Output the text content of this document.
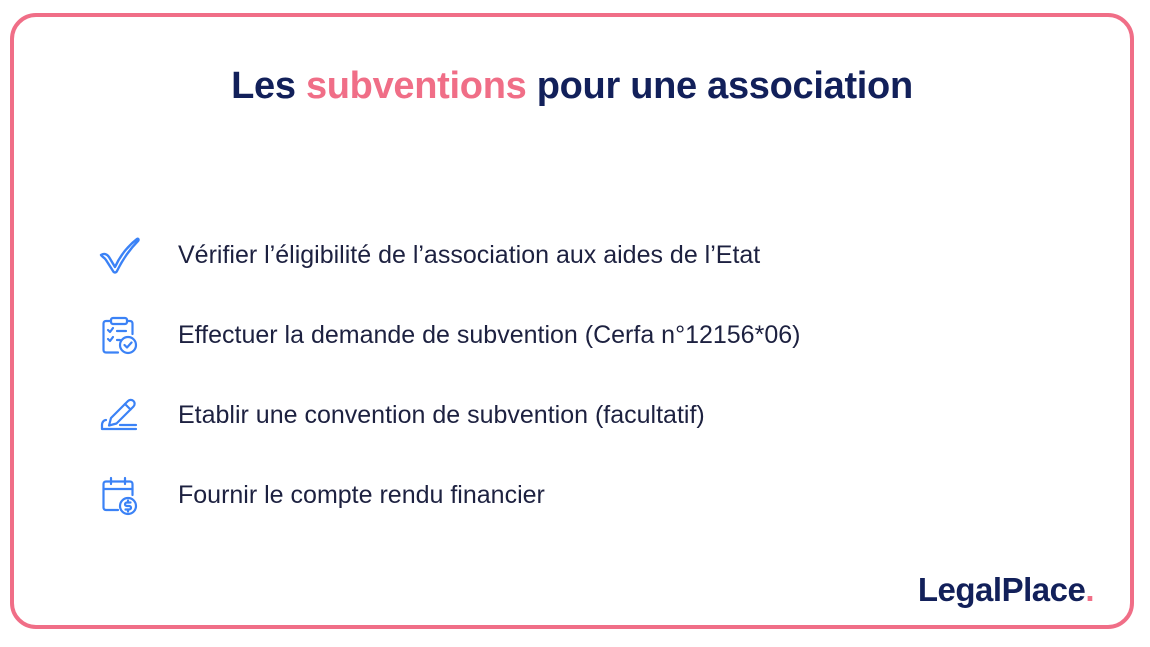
Les subventions pour une association
Vérifier l’éligibilité de l’association aux aides de l’Etat
Effectuer la demande de subvention (Cerfa n°12156*06)
Etablir une convention de subvention (facultatif)
Fournir le compte rendu financier
LegalPlace.
